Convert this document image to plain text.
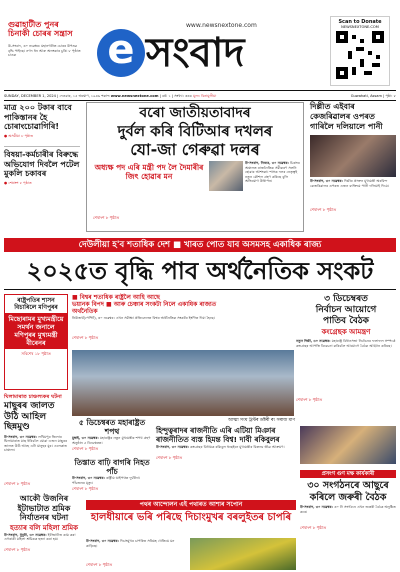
গুৱাহাটীত পুনৰ চিনাকী চোৰৰ সন্ত্ৰাস
উ-সংবাদ, ৩০ নৱেম্বৰ: মহানগৰীত চোৰৰ উপদ্ৰৱ বৃদ্ধি পাইছে। নগদ ধন আৰু অলংকাৰ চুৰি। ৮ পৃষ্ঠাত চাওক
www.newsnextone.com
e সংবাদ
Scan to Donate
NEWSNEXTONE.COM
SUNDAY, DECEMBER 1, 2024 | দেওবাৰ, ১৫ অঘোণ, ১৯৪৬ শকাব্দ www.newsnextone.com | বৰ্ষ: ১ | সংখ্যা: ৩৩৪ মূল্য: বিনামূলীয়া	Guwahati, Assam | পৃষ্ঠা: ৮
মাত্ৰ ২০০ টকাৰ বাবে পাকিস্তানৰ হৈ চোৰাংচোৱাগিৰি!
● অসমীয়া ৮ পৃষ্ঠাত
বিষয়া-কৰ্মচাৰীৰ বিৰুদ্ধে অভিযোগ দিবলৈ পটেল মুকলি চকাবৰ
● শেষাংশ ৮ পৃষ্ঠাত
বৰো জাতীয়তাবাদৰ
দুৰ্বল কৰি বিটিআৰ দখলৰ
যো-জা গেৰুৱা দলৰ
অধ্যক্ষ পদ এৰি মন্ত্ৰী পদ লৈ দৈমাৰীৰ জিৎ হোৱাৰ মন
উ-সংবাদ, নিজৰ, ৩০ নৱেম্বৰ: চিৰাংৰ অঞ্চলত ৰাজনৈতিক সমীকৰণ সলনি হোৱাৰ আশংকা। শাসক দলৰ নেতৃত্বই নতুন কৌশল গ্ৰহণ কৰিছে বুলি অভিযোগ উত্থাপন।
শেষাংশ ৮ পৃষ্ঠাত
দিল্লীত এইবাৰ কেজৰিৱালৰ ওপৰত গাৰিলৈ দলিয়ালে পানী
উ-সংবাদ, ৩০ নৱেম্বৰ: দিল্লীৰ প্ৰাক্তন মুখ্যমন্ত্ৰী অৰবিন্দ কেজৰিৱালৰ ওপৰত এজন ব্যক্তিয়ে পানী দলিয়াই দিয়ে।
শেষাংশ ৮ পৃষ্ঠাত
দেউলীয়া হ'ব শতাধিক দেশ ■ খাৰত পোত যাব অসমসহ একাধিক ৰাজ্য
২০২৫ত বৃদ্ধি পাব অৰ্থনৈতিক সংকট
ৰাষ্ট্ৰপতিৰ শাসন বিচাৰিলে মণিপুৰৰ
মিছোৰামৰ মুখ্যমন্ত্ৰীয়ে সমৰ্থন জনালে মণিপুৰৰ মুখ্যমন্ত্ৰী বীৰেনৰ
সবিশেষ ১৮ পৃষ্ঠাত
■ বিশ্বৰ শতাধিক ৰাষ্ট্ৰলৈ আহি আছে
ভয়ানক বিপদ ■ আৰু চেঞ্চাৰ সংকটা নিলে একাধিক ৰাজ্যত অৰ্থনৈতিক
নিউজৰ্থ(পেপিট), ৩০ নৱেম্বৰ: এখন সমীক্ষা প্ৰতিবেদনত বিশ্বৰ অৰ্থনৈতিক সংকটৰ ইংগিত দিয়া হৈছে।
শেষাংশ ৮ পৃষ্ঠাত
আত্মা সংঘ ট্ৰস্টৰ ডক্টৰী ৰং সৰাজ মাণ
৩ ডিচেম্বৰত
নিৰ্বাচন আয়োগে
পাতিব বৈঠক
কংগ্ৰেছক আমন্ত্ৰণ
নতুন দিল্লী, ৩০ নৱেম্বৰ: মহাৰাষ্ট্ৰ বিধানসভা নিৰ্বাচনৰ ফলাফল সম্পৰ্কে কংগ্ৰেছৰ আপত্তি বিবেচনা কৰিবলৈ আয়োগে বৈঠক আহ্বান কৰিছে।
শেষাংশ ৮ পৃষ্ঠাত
ঘিলামাৰাত চাঞ্চল্যকৰ ঘটনা
মাছুৰৰ জালত উঠি আহিল ছিন্নমুণ্ড
উ-সংবাদ, ৩০ নৱেম্বৰ: লখিমপুৰ জিলাৰ ঘিলামাৰাত মাছ ধৰিবলৈ যোৱা এজন মাছুৰৰ জালত উঠি আহে এটা মানুহৰ মূৰ। এলেকাত চাঞ্চল্য।
শেষাংশ ৮ পৃষ্ঠাত
৫ ডিচেম্বৰত মহাৰাষ্ট্ৰত শপথ
মুম্বাই, ৩০ নৱেম্বৰ: মহাৰাষ্ট্ৰৰ নতুন মুখ্যমন্ত্ৰীৰ শপথ গ্ৰহণ অনুষ্ঠান ৫ ডিচেম্বৰত।
শেষাংশ ৮ পৃষ্ঠাত
তিস্তাত বাঢ়ি বাগৰি নিহত পাঁচ
উ-সংবাদ, ৩০ নৱেম্বৰ: ৰাষ্ট্ৰীয় ঘাইপথত দুৰ্ঘটনা। পাঁচজনৰ মৃত্যু।
শেষাংশ ৮ পৃষ্ঠাত
হিন্দুত্বৰাদৰ ৰাজনীতি এৰি এটিয়া মিঞাৰ ৰাজনীতিত ব্যস্ত হিমন্ত বিশ্ব! দাবী ৰকিবুলৰ
উ-সংবাদ, ৩০ নৱেম্বৰ: কংগ্ৰেছৰ বিধায়ক ৰকিবুল হুছেইনে মুখ্যমন্ত্ৰীৰ বিৰুদ্ধে তীব্ৰ আক্ৰমণ।
শেষাংশ ৮ পৃষ্ঠাত
আকৌ উজনিৰ ইটাভাটাত শ্ৰমিক নিৰ্যাতনৰ ঘটনা
হত্যাৰ বলি মহিলা শ্ৰমিক
উ-সংবাদ, ধুবুৰী, ৩০ নৱেম্বৰ: ইটাভাটাত কাম কৰা এগৰাকী মহিলা শ্ৰমিকক হত্যা কৰা হয়।
শেষাংশ ৮ পৃষ্ঠাত
পথৰ আন্দোলন এই পথাৰত আশাৰ সপোন
হালধীয়াৰে ভৰি পৰিছে দিচাংমুখৰ বৰলুইতৰ চাপৰি
উ-সংবাদ, ৩০ নৱেম্বৰ: দিচাংমুখৰ চাপৰিত সৰিয়হ খেতিয়ে মন কাঢ়িছে।
শেষাংশ ৮ পৃষ্ঠাত
প্ৰসংগ গুণ মক্ষ কাৰ্যকাৰী
৩০ সংগঠনৰে আছুৰে কৰিলে জৰুৰী বৈঠক
উ-সংবাদ, ৩০ নৱেম্বৰ: ৩০ টা সংগঠনে এখন জৰুৰী বৈঠক অনুষ্ঠিত কৰে।
শেষাংশ ৮ পৃষ্ঠাত
